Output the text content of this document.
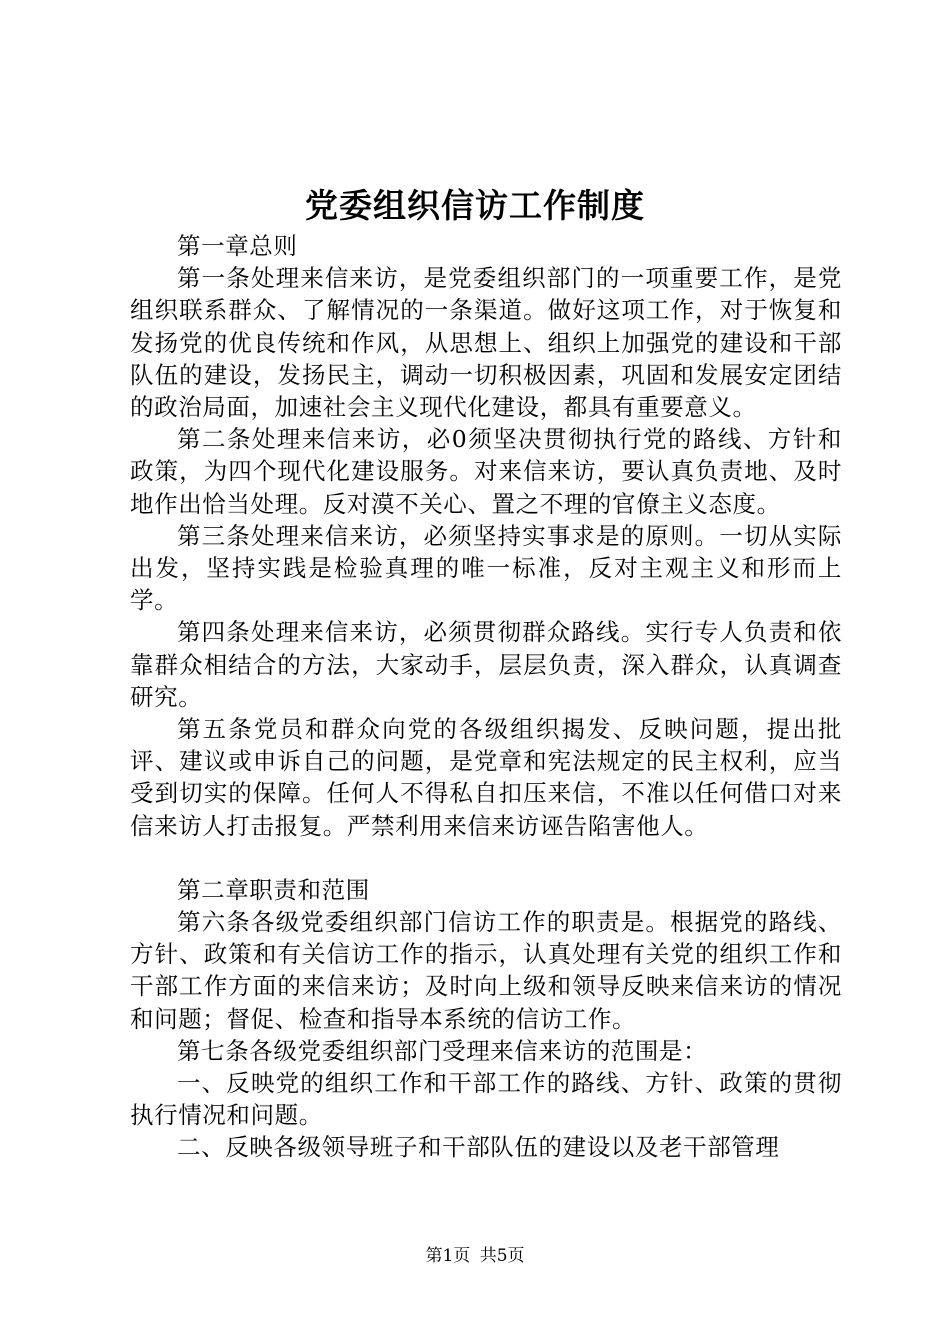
党委组织信访工作制度

第一章总则

第一条处理来信来访，是党委组织部门的一项重要工作，是党组织联系群众、了解情况的一条渠道。做好这项工作，对于恢复和发扬党的优良传统和作风，从思想上、组织上加强党的建设和干部队伍的建设，发扬民主，调动一切积极因素，巩固和发展安定团结的政治局面，加速社会主义现代化建设，都具有重要意义。

第二条处理来信来访，必0须坚决贯彻执行党的路线、方针和政策，为四个现代化建设服务。对来信来访，要认真负责地、及时地作出恰当处理。反对漠不关心、置之不理的官僚主义态度。

第三条处理来信来访，必须坚持实事求是的原则。一切从实际出发，坚持实践是检验真理的唯一标准，反对主观主义和形而上学。

第四条处理来信来访，必须贯彻群众路线。实行专人负责和依靠群众相结合的方法，大家动手，层层负责，深入群众，认真调查研究。

第五条党员和群众向党的各级组织揭发、反映问题，提出批评、建议或申诉自己的问题，是党章和宪法规定的民主权利，应当受到切实的保障。任何人不得私自扣压来信，不准以任何借口对来信来访人打击报复。严禁利用来信来访诬告陷害他人。

第二章职责和范围

第六条各级党委组织部门信访工作的职责是。根据党的路线、方针、政策和有关信访工作的指示，认真处理有关党的组织工作和干部工作方面的来信来访；及时向上级和领导反映来信来访的情况和问题；督促、检查和指导本系统的信访工作。

第七条各级党委组织部门受理来信来访的范围是：

一、反映党的组织工作和干部工作的路线、方针、政策的贯彻执行情况和问题。

二、反映各级领导班子和干部队伍的建设以及老干部管理

第1页 共5页
